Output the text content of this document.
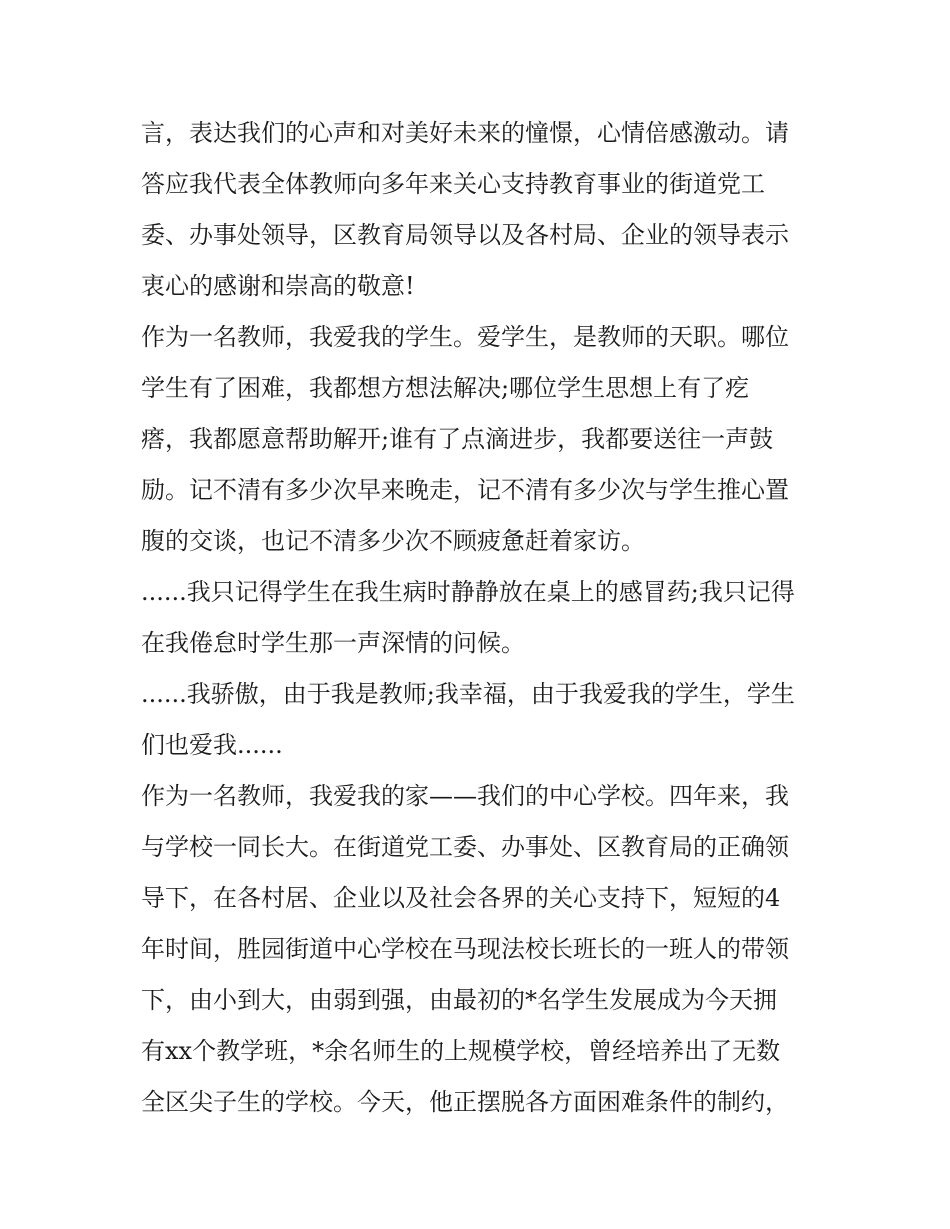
言，表达我们的心声和对美好未来的憧憬，心情倍感激动。请
答应我代表全体教师向多年来关心支持教育事业的街道党工
委、办事处领导，区教育局领导以及各村局、企业的领导表示
衷心的感谢和崇高的敬意!
作为一名教师，我爱我的学生。爱学生，是教师的天职。哪位
学生有了困难，我都想方想法解决;哪位学生思想上有了疙
瘩，我都愿意帮助解开;谁有了点滴进步，我都要送往一声鼓
励。记不清有多少次早来晚走，记不清有多少次与学生推心置
腹的交谈，也记不清多少次不顾疲惫赶着家访。
......我只记得学生在我生病时静静放在桌上的感冒药;我只记得
在我倦怠时学生那一声深情的问候。
......我骄傲，由于我是教师;我幸福，由于我爱我的学生，学生
们也爱我......
作为一名教师，我爱我的家——我们的中心学校。四年来，我
与学校一同长大。在街道党工委、办事处、区教育局的正确领
导下，在各村居、企业以及社会各界的关心支持下，短短的4
年时间，胜园街道中心学校在马现法校长班长的一班人的带领
下，由小到大，由弱到强，由最初的*名学生发展成为今天拥
有xx个教学班，*余名师生的上规模学校，曾经培养出了无数
全区尖子生的学校。今天，他正摆脱各方面困难条件的制约，
